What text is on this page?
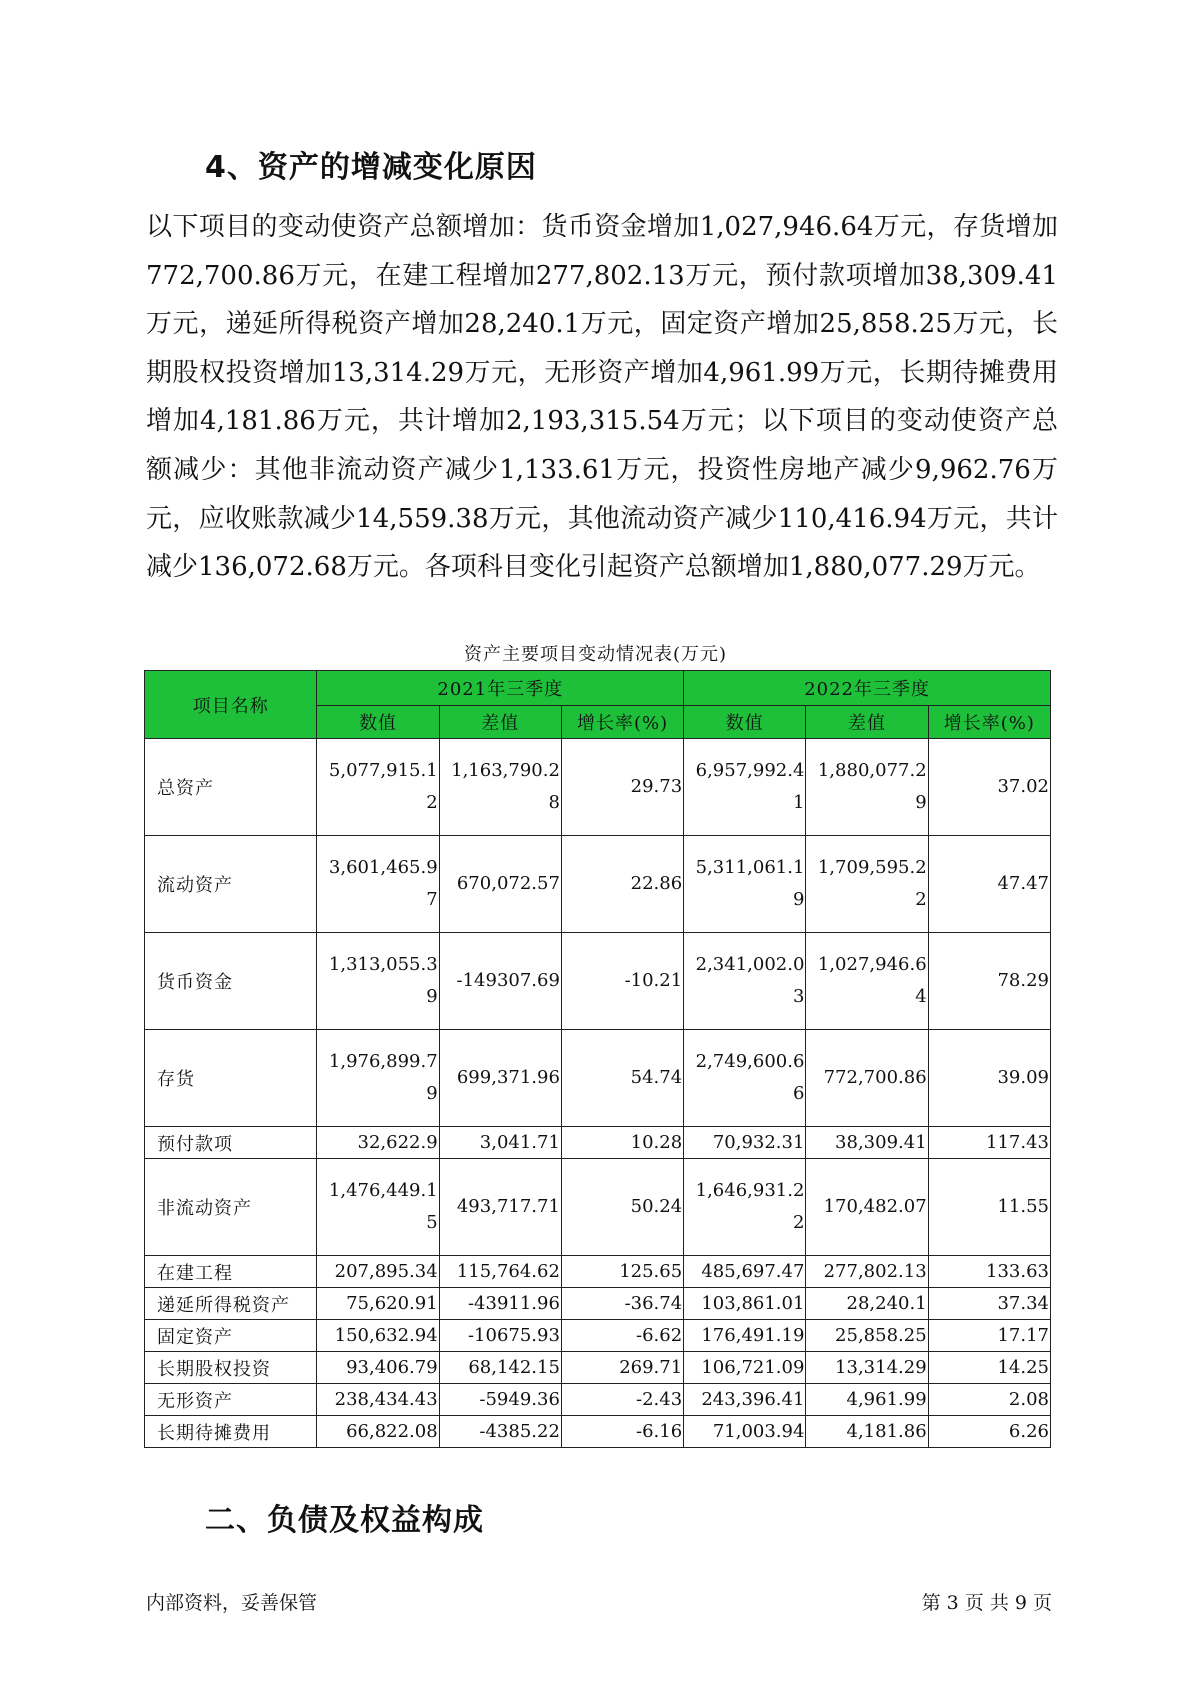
4、资产的增减变化原因

以下项目的变动使资产总额增加：货币资金增加1,027,946.64万元，存货增加772,700.86万元，在建工程增加277,802.13万元，预付款项增加38,309.41万元，递延所得税资产增加28,240.1万元，固定资产增加25,858.25万元，长期股权投资增加13,314.29万元，无形资产增加4,961.99万元，长期待摊费用增加4,181.86万元，共计增加2,193,315.54万元；以下项目的变动使资产总额减少：其他非流动资产减少1,133.61万元，投资性房地产减少9,962.76万元，应收账款减少14,559.38万元，其他流动资产减少110,416.94万元，共计减少136,072.68万元。各项科目变化引起资产总额增加1,880,077.29万元。

资产主要项目变动情况表(万元)
项目名称	2021年三季度			2022年三季度		
	数值	差值	增长率(%)	数值	差值	增长率(%)
总资产	5,077,915.12	1,163,790.28	29.73	6,957,992.41	1,880,077.29	37.02

流动资产	3,601,465.97	670,072.57	22.86	5,311,061.19	1,709,595.22	47.47

货币资金	1,313,055.39	-149307.69	-10.21	2,341,002.03	1,027,946.64	78.29

存货	1,976,899.79	699,371.96	54.74	2,749,600.66	772,700.86	39.09

预付款项	32,622.9	3,041.71	10.28	70,932.31	38,309.41	117.43
非流动资产	1,476,449.15	493,717.71	50.24	1,646,931.22	170,482.07	11.55

在建工程	207,895.34	115,764.62	125.65	485,697.47	277,802.13	133.63
递延所得税资产	75,620.91	-43911.96	-36.74	103,861.01	28,240.1	37.34
固定资产	150,632.94	-10675.93	-6.62	176,491.19	25,858.25	17.17
长期股权投资	93,406.79	68,142.15	269.71	106,721.09	13,314.29	14.25
无形资产	238,434.43	-5949.36	-2.43	243,396.41	4,961.99	2.08
长期待摊费用	66,822.08	-4385.22	-6.16	71,003.94	4,181.86	6.26
二、负债及权益构成
内部资料，妥善保管	第 3 页 共 9 页
